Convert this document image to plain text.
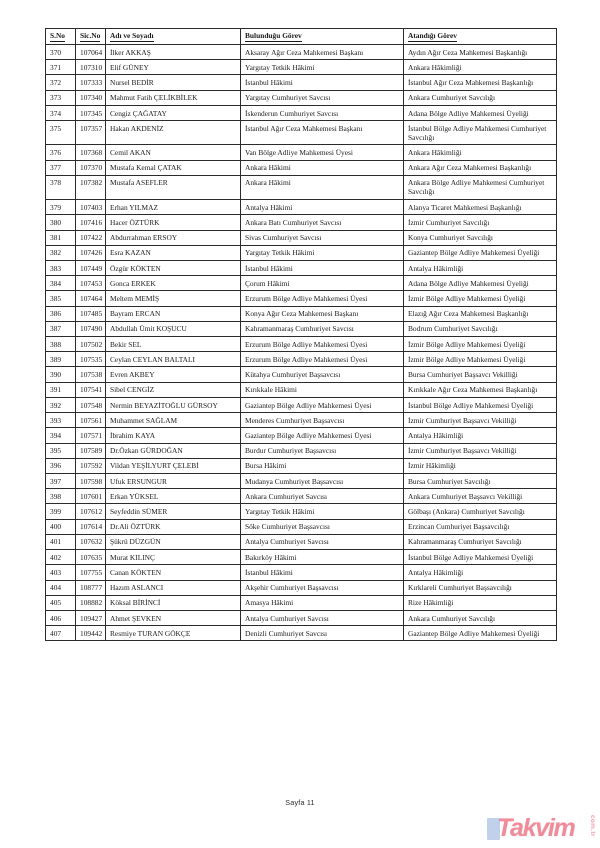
S.No	Sic.No	Adı ve Soyadı	Bulunduğu Görev	Atandığı Görev
370	107064	İlker AKKAŞ	Aksaray Ağır Ceza Mahkemesi Başkanı	Aydın Ağır Ceza Mahkemesi Başkanlığı
371	107310	Elif GÜNEY	Yargıtay Tetkik Hâkimi	Ankara Hâkimliği
372	107333	Nursel BEDİR	İstanbul Hâkimi	İstanbul Ağır Ceza Mahkemesi Başkanlığı
373	107340	Mahmut Fatih ÇELİKBİLEK	Yargıtay Cumhuriyet Savcısı	Ankara Cumhuriyet Savcılığı
374	107345	Cengiz ÇAĞATAY	İskenderun Cumhuriyet Savcısı	Adana Bölge Adliye Mahkemesi Üyeliği
375	107357	Hakan AKDENİZ	İstanbul Ağır Ceza Mahkemesi Başkanı	İstanbul Bölge Adliye Mahkemesi Cumhuriyet Savcılığı
376	107368	Cemil AKAN	Van Bölge Adliye Mahkemesi Üyesi	Ankara Hâkimliği
377	107370	Mustafa Kemal ÇATAK	Ankara Hâkimi	Ankara Ağır Ceza Mahkemesi Başkanlığı
378	107382	Mustafa ASEFLER	Ankara Hâkimi	Ankara Bölge Adliye Mahkemesi Cumhuriyet Savcılığı
379	107403	Erhan YILMAZ	Antalya Hâkimi	Alanya Ticaret Mahkemesi Başkanlığı
380	107416	Hacer ÖZTÜRK	Ankara Batı Cumhuriyet Savcısı	İzmir Cumhuriyet Savcılığı
381	107422	Abdurrahman ERSOY	Sivas Cumhuriyet Savcısı	Konya Cumhuriyet Savcılığı
382	107426	Esra KAZAN	Yargıtay Tetkik Hâkimi	Gaziantep Bölge Adliye Mahkemesi Üyeliği
383	107449	Özgür KÖKTEN	İstanbul Hâkimi	Antalya Hâkimliği
384	107453	Gonca ERKEK	Çorum Hâkimi	Adana Bölge Adliye Mahkemesi Üyeliği
385	107464	Meltem MEMİŞ	Erzurum Bölge Adliye Mahkemesi Üyesi	İzmir Bölge Adliye Mahkemesi Üyeliği
386	107485	Bayram ERCAN	Konya Ağır Ceza Mahkemesi Başkanı	Elazığ Ağır Ceza Mahkemesi Başkanlığı
387	107490	Abdullah Ümit KOŞUCU	Kahramanmaraş Cumhuriyet Savcısı	Bodrum Cumhuriyet Savcılığı
388	107502	Bekir SEL	Erzurum Bölge Adliye Mahkemesi Üyesi	İzmir Bölge Adliye Mahkemesi Üyeliği
389	107535	Ceylan CEYLAN BALTALI	Erzurum Bölge Adliye Mahkemesi Üyesi	İzmir Bölge Adliye Mahkemesi Üyeliği
390	107538	Evren AKBEY	Kütahya Cumhuriyet Başsavcısı	Bursa Cumhuriyet Başsavcı Vekilliği
391	107541	Sibel CENGİZ	Kırıkkale Hâkimi	Kırıkkale Ağır Ceza Mahkemesi Başkanlığı
392	107548	Nermin BEYAZİTOĞLU GÜRSOY	Gaziantep Bölge Adliye Mahkemesi Üyesi	İstanbul Bölge Adliye Mahkemesi Üyeliği
393	107561	Muhammet SAĞLAM	Menderes Cumhuriyet Başsavcısı	İzmir Cumhuriyet Başsavcı Vekilliği
394	107571	İbrahim KAYA	Gaziantep Bölge Adliye Mahkemesi Üyesi	Antalya Hâkimliği
395	107589	Dr.Özkan GÜRDOĞAN	Burdur Cumhuriyet Başsavcısı	İzmir Cumhuriyet Başsavcı Vekilliği
396	107592	Vildan YEŞİLYURT ÇELEBİ	Bursa Hâkimi	İzmir Hâkimliği
397	107598	Ufuk ERSUNGUR	Mudanya Cumhuriyet Başsavcısı	Bursa Cumhuriyet Savcılığı
398	107601	Erkan YÜKSEL	Ankara Cumhuriyet Savcısı	Ankara Cumhuriyet Başsavcı Vekilliği
399	107612	Seyfeddin SÜMER	Yargıtay Tetkik Hâkimi	Gölbaşı (Ankara) Cumhuriyet Savcılığı
400	107614	Dr.Ali ÖZTÜRK	Söke Cumhuriyet Başsavcısı	Erzincan Cumhuriyet Başsavcılığı
401	107632	Şükrü DÜZGÜN	Antalya Cumhuriyet Savcısı	Kahramanmaraş Cumhuriyet Savcılığı
402	107635	Murat KILINÇ	Bakırköy Hâkimi	İstanbul Bölge Adliye Mahkemesi Üyeliği
403	107755	Canan KÖKTEN	İstanbul Hâkimi	Antalya Hâkimliği
404	108777	Hazım ASLANCI	Akşehir Cumhuriyet Başsavcısı	Kırklareli Cumhuriyet Başsavcılığı
405	108882	Köksal BİRİNCİ	Amasya Hâkimi	Rize Hâkimliği
406	109427	Ahmet ŞEVKEN	Antalya Cumhuriyet Savcısı	Ankara Cumhuriyet Savcılığı
407	109442	Resmiye TURAN GÖKÇE	Denizli Cumhuriyet Savcısı	Gaziantep Bölge Adliye Mahkemesi Üyeliği
Sayfa 11
Takvim com.tr
